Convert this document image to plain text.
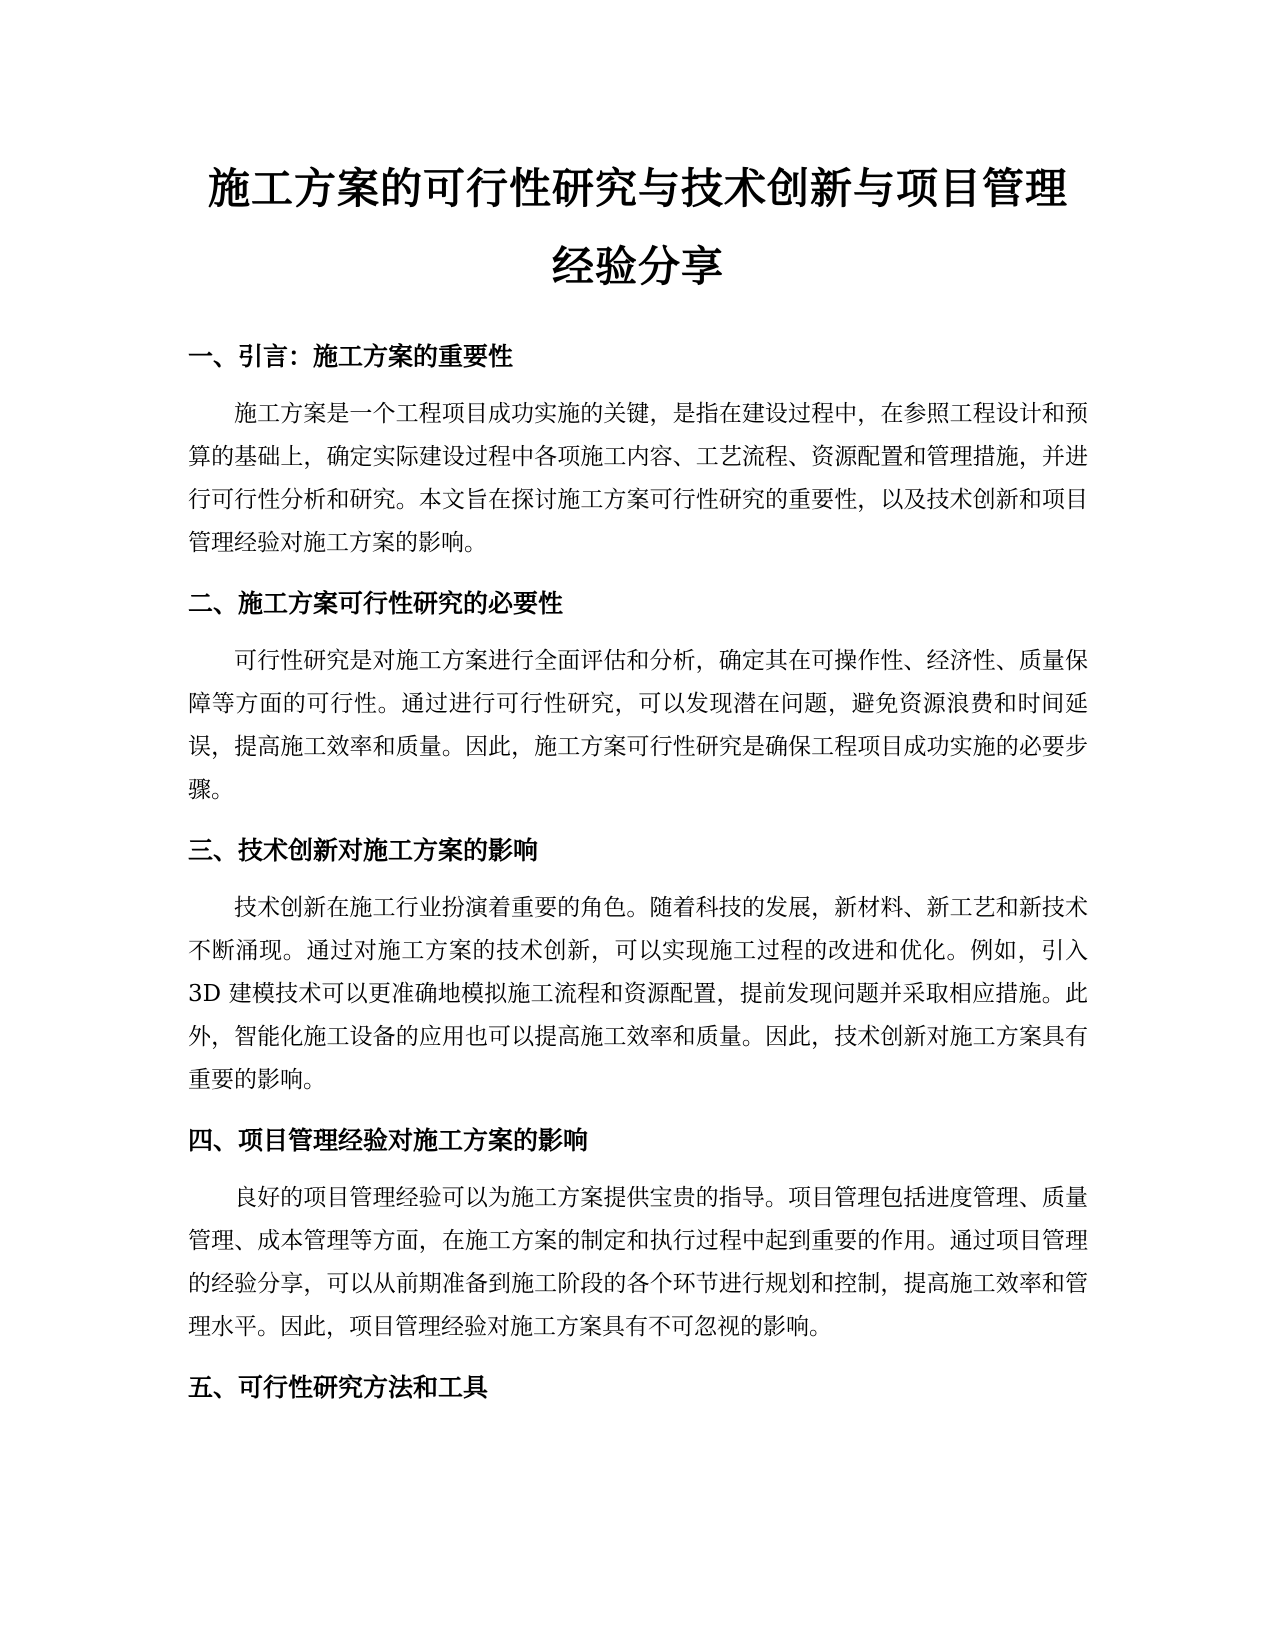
施工方案的可行性研究与技术创新与项目管理经验分享
一、引言：施工方案的重要性

施工方案是一个工程项目成功实施的关键，是指在建设过程中，在参照工程设计和预算的基础上，确定实际建设过程中各项施工内容、工艺流程、资源配置和管理措施，并进行可行性分析和研究。本文旨在探讨施工方案可行性研究的重要性，以及技术创新和项目管理经验对施工方案的影响。

二、施工方案可行性研究的必要性

可行性研究是对施工方案进行全面评估和分析，确定其在可操作性、经济性、质量保障等方面的可行性。通过进行可行性研究，可以发现潜在问题，避免资源浪费和时间延误，提高施工效率和质量。因此，施工方案可行性研究是确保工程项目成功实施的必要步骤。

三、技术创新对施工方案的影响

技术创新在施工行业扮演着重要的角色。随着科技的发展，新材料、新工艺和新技术不断涌现。通过对施工方案的技术创新，可以实现施工过程的改进和优化。例如，引入 3D 建模技术可以更准确地模拟施工流程和资源配置，提前发现问题并采取相应措施。此外，智能化施工设备的应用也可以提高施工效率和质量。因此，技术创新对施工方案具有重要的影响。

四、项目管理经验对施工方案的影响

良好的项目管理经验可以为施工方案提供宝贵的指导。项目管理包括进度管理、质量管理、成本管理等方面，在施工方案的制定和执行过程中起到重要的作用。通过项目管理的经验分享，可以从前期准备到施工阶段的各个环节进行规划和控制，提高施工效率和管理水平。因此，项目管理经验对施工方案具有不可忽视的影响。

五、可行性研究方法和工具
